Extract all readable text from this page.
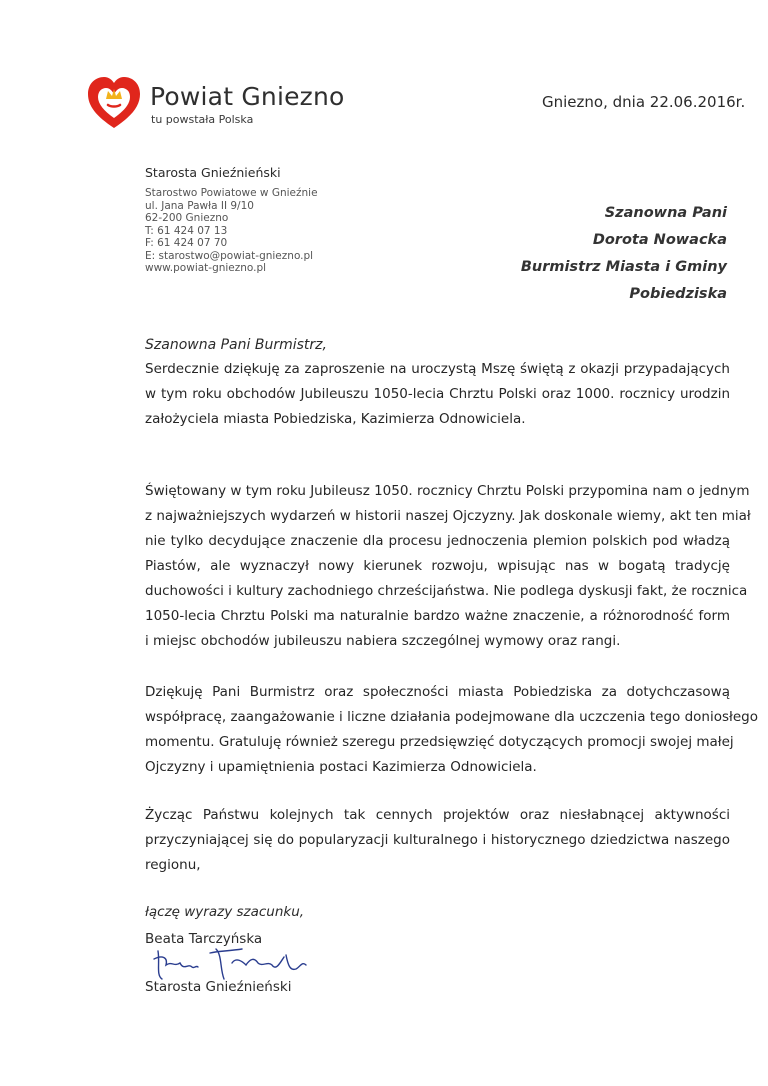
Powiat Gniezno
tu powstała Polska
Gniezno, dnia 22.06.2016r.
Starosta Gnieźnieński
Starostwo Powiatowe w Gnieźnie
ul. Jana Pawła II 9/10
62-200 Gniezno
T: 61 424 07 13
F: 61 424 07 70
E: starostwo@powiat-gniezno.pl
www.powiat-gniezno.pl
Szanowna Pani
Dorota Nowacka
Burmistrz Miasta i Gminy
Pobiedziska
Szanowna Pani Burmistrz,
Serdecznie dziękuję za zaproszenie na uroczystą Mszę świętą z okazji przypadających
w tym roku obchodów Jubileuszu 1050-lecia Chrztu Polski oraz 1000. rocznicy urodzin
założyciela miasta Pobiedziska, Kazimierza Odnowiciela.
Świętowany w tym roku Jubileusz 1050. rocznicy Chrztu Polski przypomina nam o jednym
z najważniejszych wydarzeń w historii naszej Ojczyzny. Jak doskonale wiemy, akt ten miał
nie tylko decydujące znaczenie dla procesu jednoczenia plemion polskich pod władzą
Piastów, ale wyznaczył nowy kierunek rozwoju, wpisując nas w bogatą tradycję
duchowości i kultury zachodniego chrześcijaństwa. Nie podlega dyskusji fakt, że rocznica
1050-lecia Chrztu Polski ma naturalnie bardzo ważne znaczenie, a różnorodność form
i miejsc obchodów jubileuszu nabiera szczególnej wymowy oraz rangi.
Dziękuję Pani Burmistrz oraz społeczności miasta Pobiedziska za dotychczasową
współpracę, zaangażowanie i liczne działania podejmowane dla uczczenia tego doniosłego
momentu. Gratuluję również szeregu przedsięwzięć dotyczących promocji swojej małej
Ojczyzny i upamiętnienia postaci Kazimierza Odnowiciela.
Życząc Państwu kolejnych tak cennych projektów oraz niesłabnącej aktywności
przyczyniającej się do popularyzacji kulturalnego i historycznego dziedzictwa naszego
regionu,
łączę wyrazy szacunku,
Beata Tarczyńska
Starosta Gnieźnieński
